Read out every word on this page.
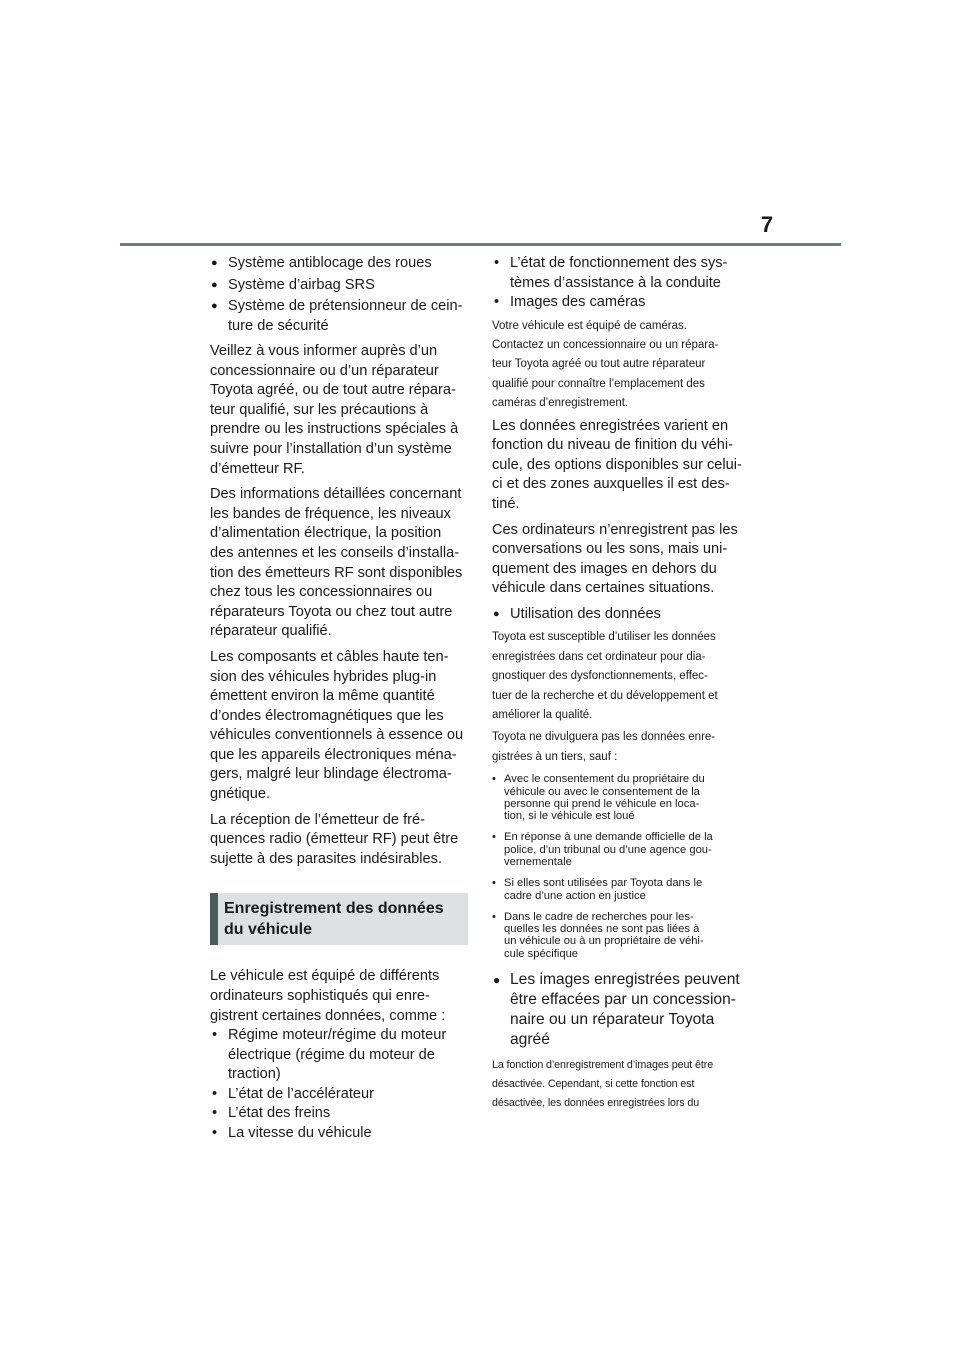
7
● Système antiblocage des roues
● Système d’airbag SRS
● Système de prétensionneur de cein-
ture de sécurité

Veillez à vous informer auprès d’un
concessionnaire ou d’un réparateur
Toyota agréé, ou de tout autre répara-
teur qualifié, sur les précautions à
prendre ou les instructions spéciales à
suivre pour l’installation d’un système
d’émetteur RF.

Des informations détaillées concernant
les bandes de fréquence, les niveaux
d’alimentation électrique, la position
des antennes et les conseils d’installa-
tion des émetteurs RF sont disponibles
chez tous les concessionnaires ou
réparateurs Toyota ou chez tout autre
réparateur qualifié.

Les composants et câbles haute ten-
sion des véhicules hybrides plug-in
émettent environ la même quantité
d’ondes électromagnétiques que les
véhicules conventionnels à essence ou
que les appareils électroniques ména-
gers, malgré leur blindage électroma-
gnétique.

La réception de l’émetteur de fré-
quences radio (émetteur RF) peut être
sujette à des parasites indésirables.

Enregistrement des données
du véhicule

Le véhicule est équipé de différents
ordinateurs sophistiqués qui enre-
gistrent certaines données, comme :

• Régime moteur/régime du moteur
électrique (régime du moteur de
traction)
• L’état de l’accélérateur
• L’état des freins
• La vitesse du véhicule
• L’état de fonctionnement des sys-
tèmes d’assistance à la conduite
• Images des caméras

Votre véhicule est équipé de caméras.
Contactez un concessionnaire ou un répara-
teur Toyota agréé ou tout autre réparateur
qualifié pour connaître l’emplacement des
caméras d’enregistrement.

Les données enregistrées varient en
fonction du niveau de finition du véhi-
cule, des options disponibles sur celui-
ci et des zones auxquelles il est des-
tiné.

Ces ordinateurs n’enregistrent pas les
conversations ou les sons, mais uni-
quement des images en dehors du
véhicule dans certaines situations.

● Utilisation des données

Toyota est susceptible d’utiliser les données
enregistrées dans cet ordinateur pour dia-
gnostiquer des dysfonctionnements, effec-
tuer de la recherche et du développement et
améliorer la qualité.

Toyota ne divulguera pas les données enre-
gistrées à un tiers, sauf :

• Avec le consentement du propriétaire du
véhicule ou avec le consentement de la
personne qui prend le véhicule en loca-
tion, si le véhicule est loué
• En réponse à une demande officielle de la
police, d’un tribunal ou d’une agence gou-
vernementale
• Si elles sont utilisées par Toyota dans le
cadre d’une action en justice
• Dans le cadre de recherches pour les-
quelles les données ne sont pas liées à
un véhicule ou à un propriétaire de véhi-
cule spécifique
● Les images enregistrées peuvent
être effacées par un concession-
naire ou un réparateur Toyota agréé

La fonction d’enregistrement d’images peut être
désactivée. Cependant, si cette fonction est
désactivée, les données enregistrées lors du
